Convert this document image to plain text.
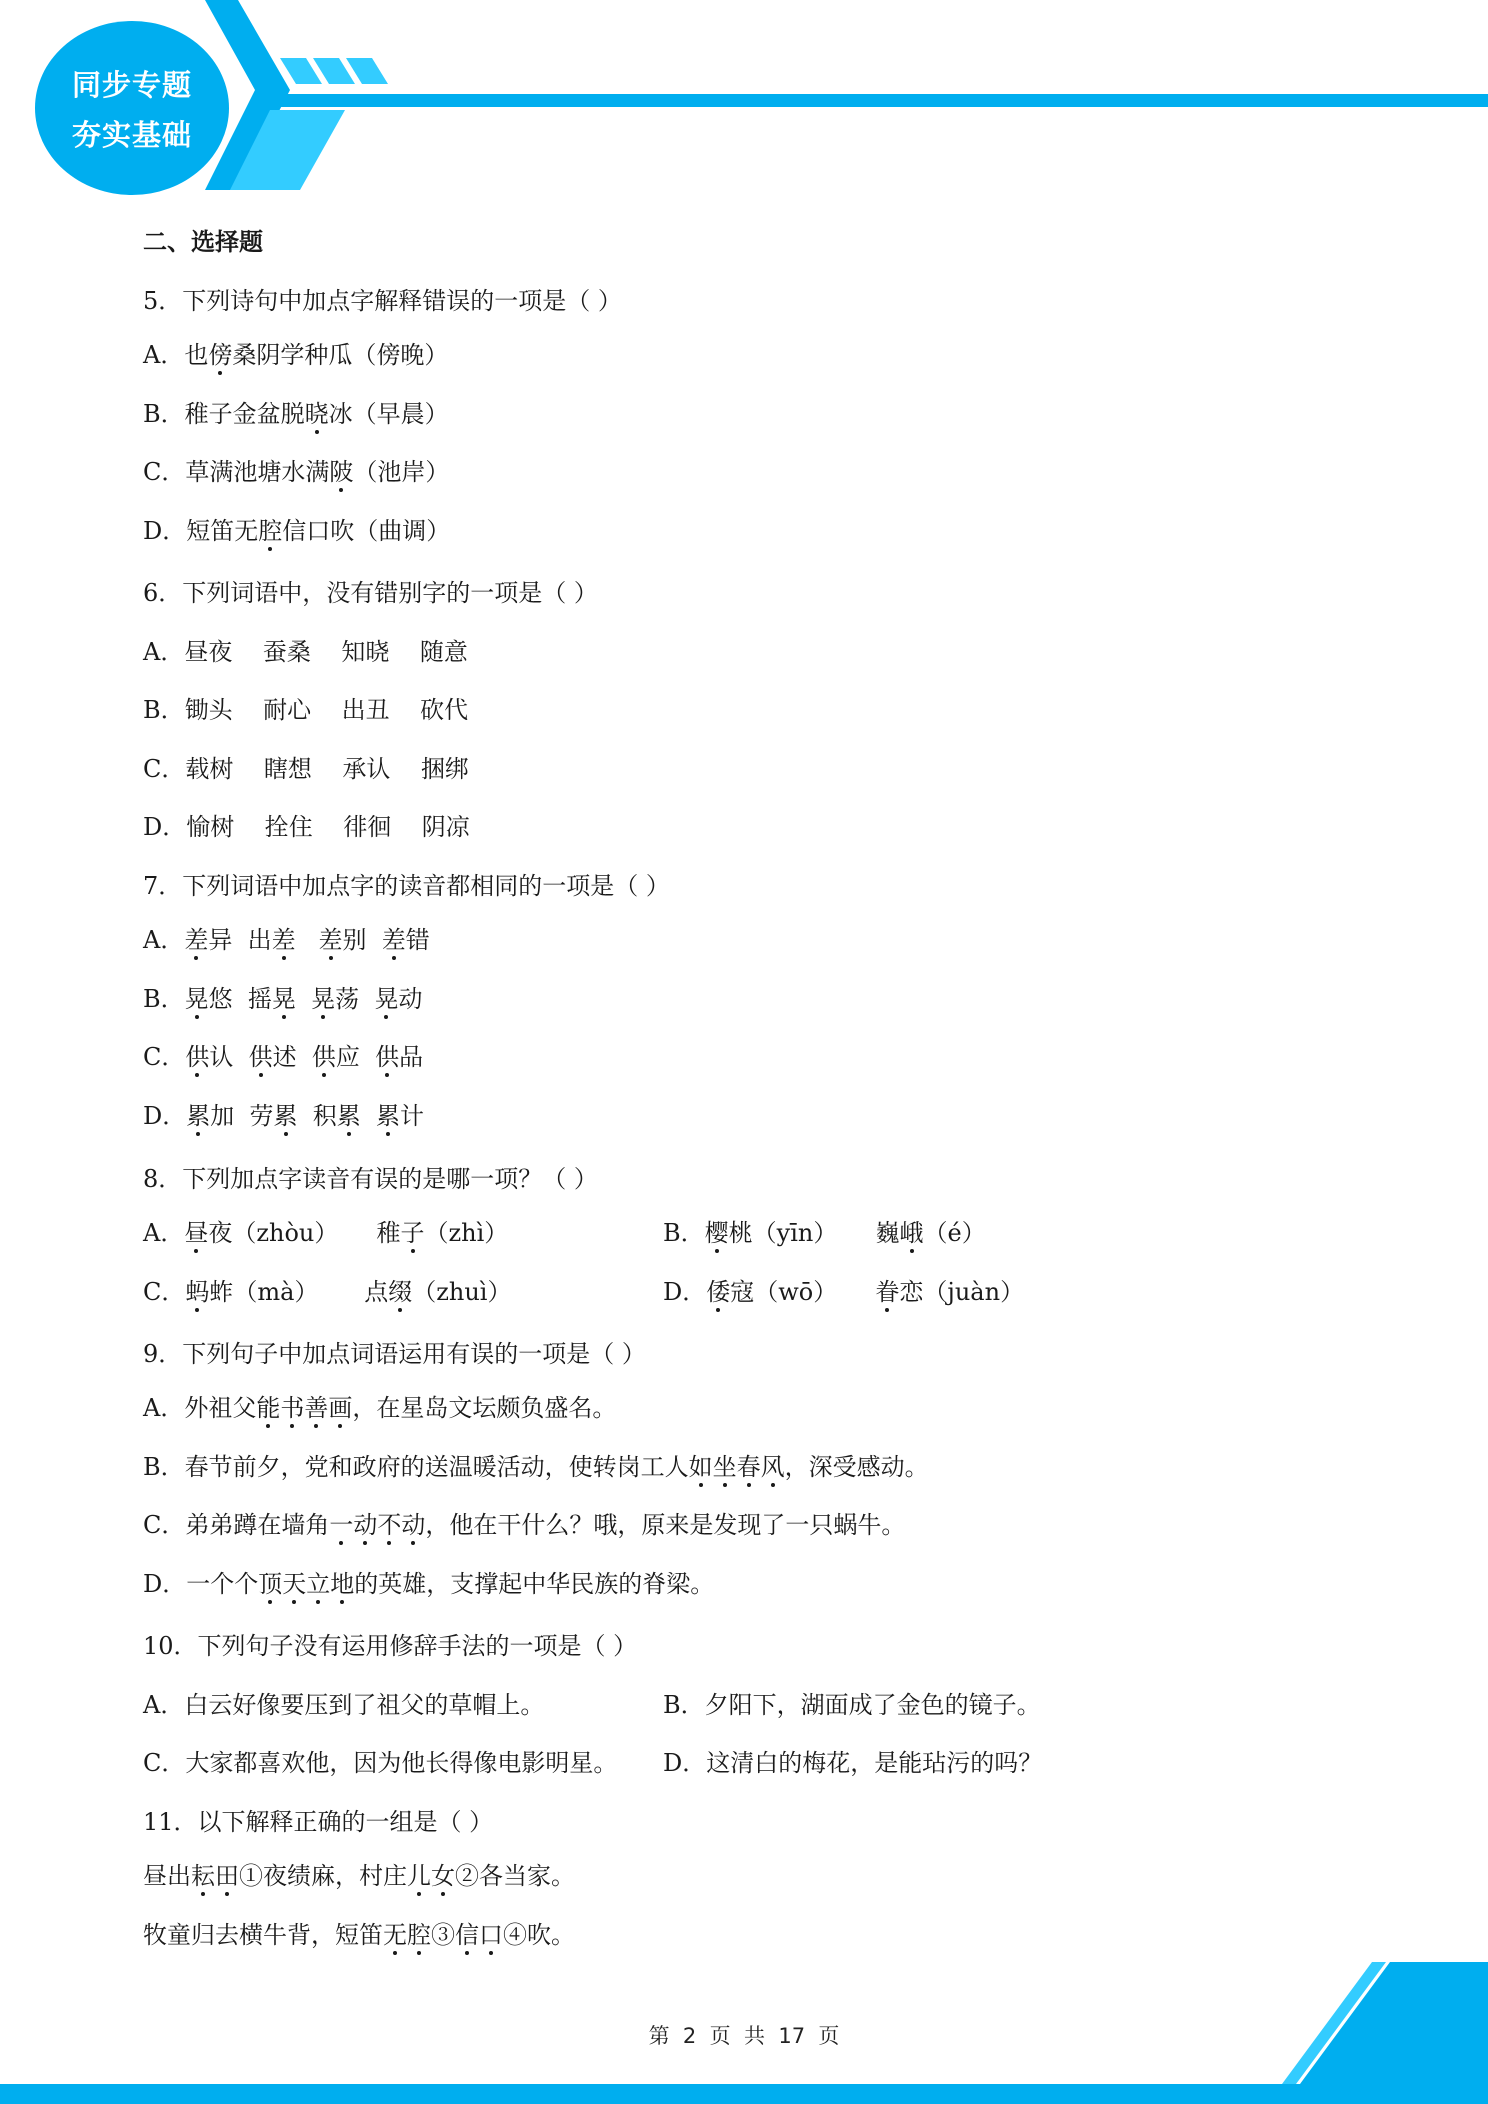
同步专题
夯实基础
二、选择题
5．下列诗句中加点字解释错误的一项是（ ）
A．也傍桑阴学种瓜（傍晚）
B．稚子金盆脱晓冰（早晨）
C．草满池塘水满陂（池岸）
D．短笛无腔信口吹（曲调）
6．下列词语中，没有错别字的一项是（ ）
A．昼夜    蚕桑    知晓    随意
B．锄头    耐心    出丑    砍代
C．载树    瞎想    承认    捆绑
D．愉树    拴住    徘徊    阴凉
7．下列词语中加点字的读音都相同的一项是（ ）
A．差异 出差 差别 差错
B．晃悠 摇晃 晃荡 晃动
C．供认 供述 供应 供品
D．累加 劳累 积累 累计
8．下列加点字读音有误的是哪一项？（ ）
A．昼夜（zhòu） 稚子（zhì）	B．樱桃（yīn） 巍峨（é）
C．蚂蚱（mà） 点缀（zhuì）	D．倭寇（wō） 眷恋（juàn）
9．下列句子中加点词语运用有误的一项是（ ）
A．外祖父能书善画，在星岛文坛颇负盛名。
B．春节前夕，党和政府的送温暖活动，使转岗工人如坐春风，深受感动。
C．弟弟蹲在墙角一动不动，他在干什么？哦，原来是发现了一只蜗牛。
D．一个个顶天立地的英雄，支撑起中华民族的脊梁。
10．下列句子没有运用修辞手法的一项是（ ）
A．白云好像要压到了祖父的草帽上。	B．夕阳下，湖面成了金色的镜子。
C．大家都喜欢他，因为他长得像电影明星。 D．这清白的梅花，是能玷污的吗？
11．以下解释正确的一组是（ ）
昼出耘田①夜绩麻，村庄儿女②各当家。
牧童归去横牛背，短笛无腔③信口④吹。
第  2  页  共  17  页
